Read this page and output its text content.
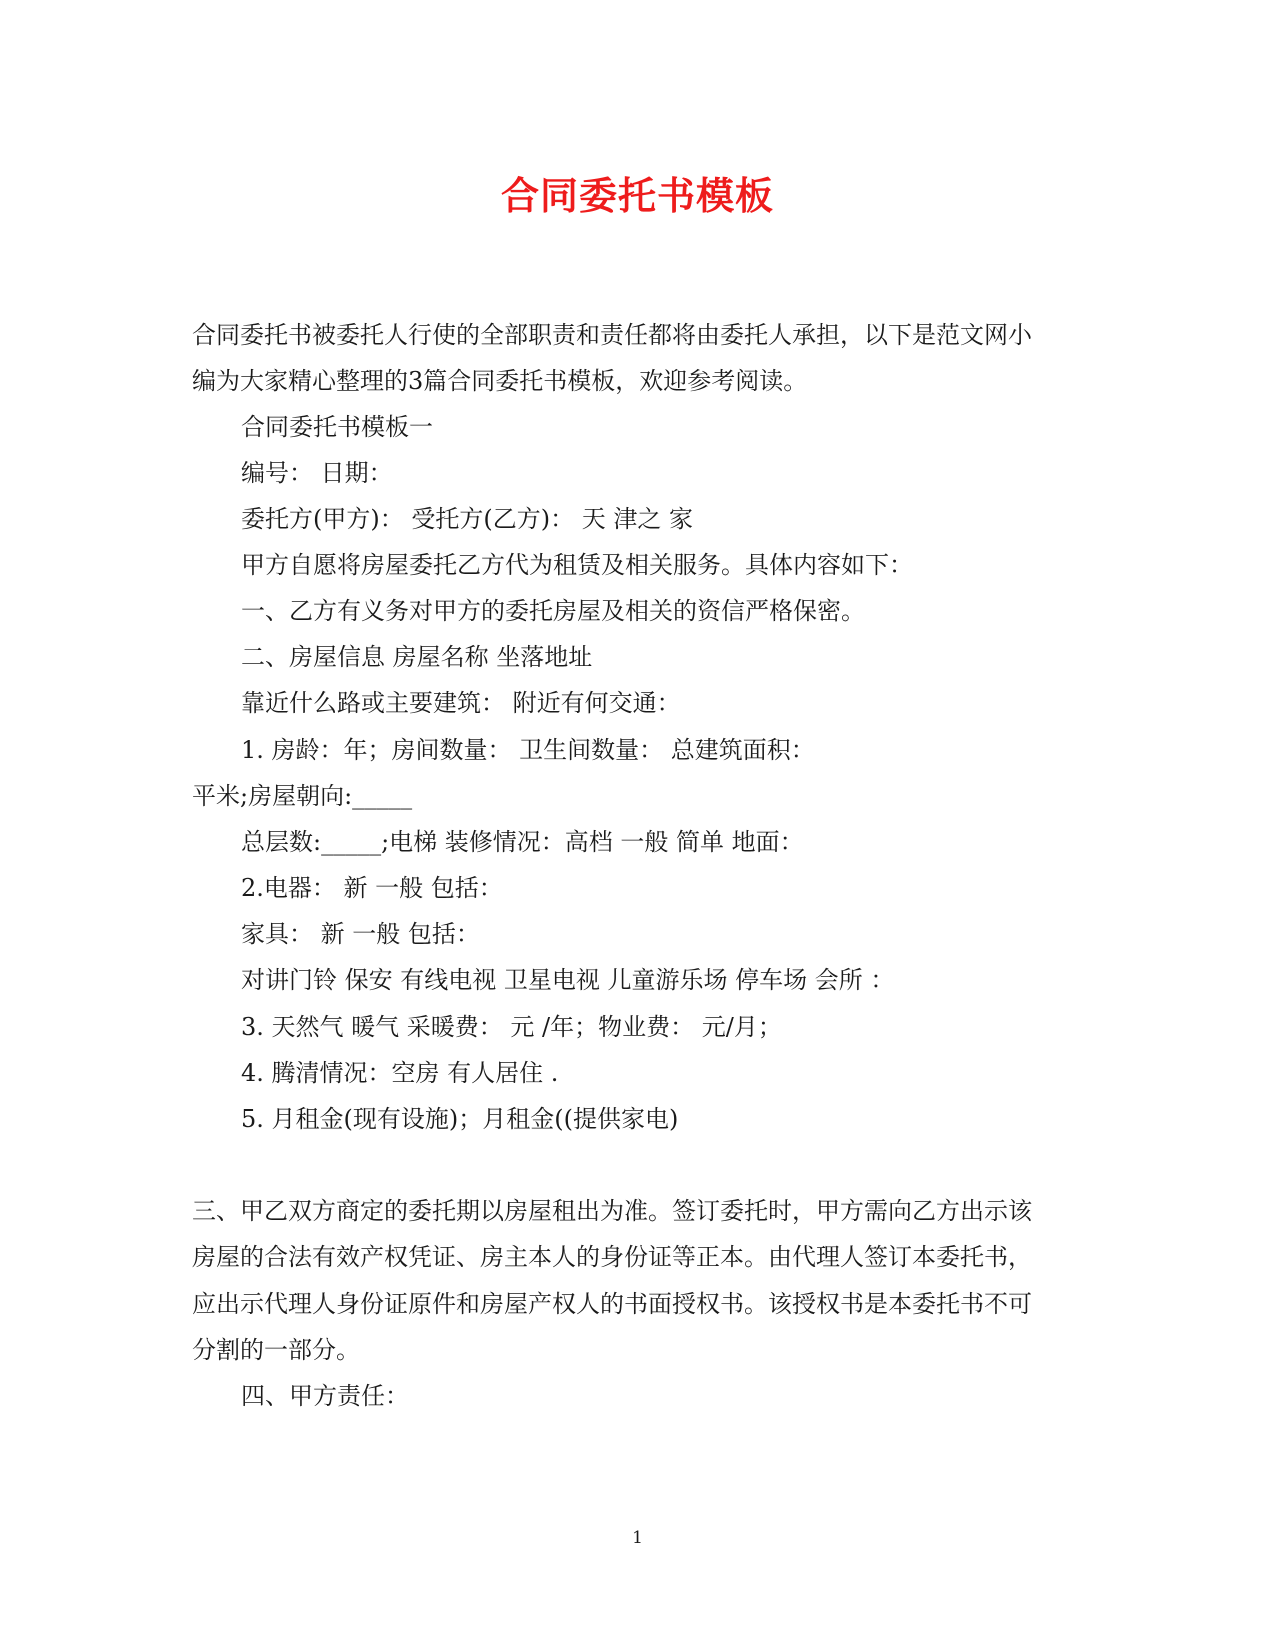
合同委托书模板

合同委托书被委托人行使的全部职责和责任都将由委托人承担，以下是范文网小

编为大家精心整理的3篇合同委托书模板，欢迎参考阅读。

合同委托书模板一

编号： 日期：

委托方(甲方)： 受托方(乙方)： 天 津之 家

甲方自愿将房屋委托乙方代为租赁及相关服务。具体内容如下：

一、乙方有义务对甲方的委托房屋及相关的资信严格保密。

二、房屋信息 房屋名称 坐落地址

靠近什么路或主要建筑： 附近有何交通：

1. 房龄：年；房间数量： 卫生间数量： 总建筑面积：

平米;房屋朝向:_____

总层数:_____;电梯 装修情况：高档 一般 简单 地面：

2.电器： 新 一般 包括：

家具： 新 一般 包括：

对讲门铃 保安 有线电视 卫星电视 儿童游乐场 停车场 会所 ：

3. 天然气 暖气 采暖费： 元 /年；物业费： 元/月；

4. 腾清情况：空房 有人居住 .

5. 月租金(现有设施)；月租金((提供家电)

三、甲乙双方商定的委托期以房屋租出为准。签订委托时，甲方需向乙方出示该

房屋的合法有效产权凭证、房主本人的身份证等正本。由代理人签订本委托书，

应出示代理人身份证原件和房屋产权人的书面授权书。该授权书是本委托书不可

分割的一部分。

四、甲方责任：

1
